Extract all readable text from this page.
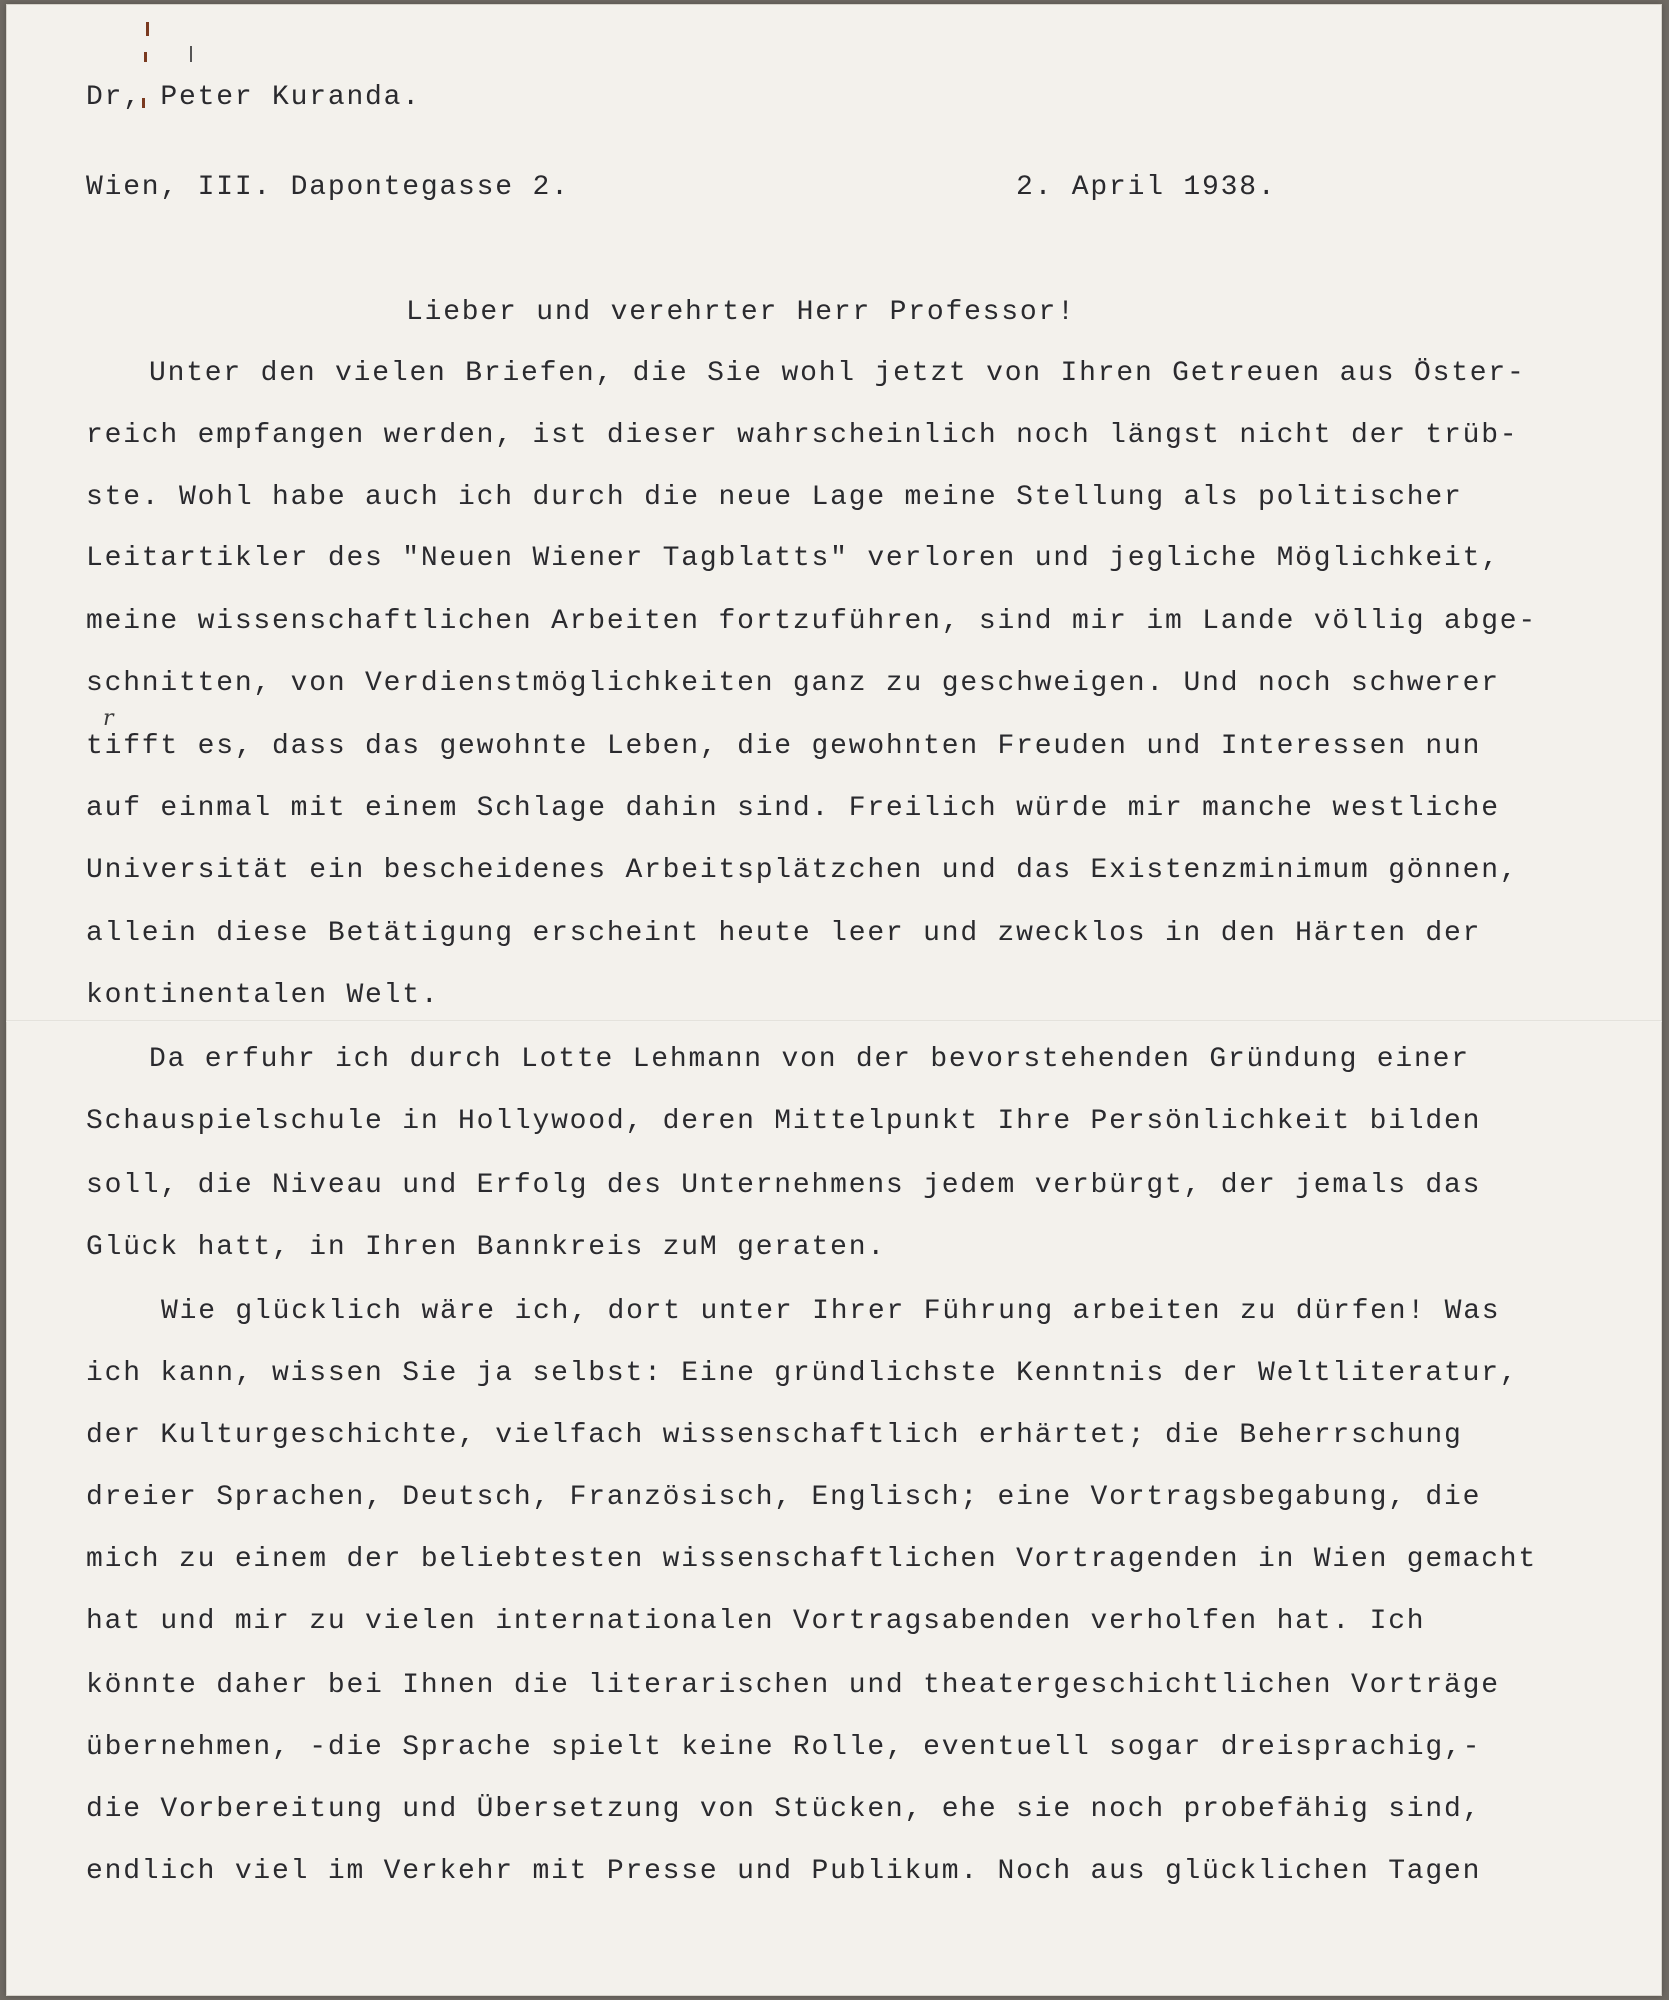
Dr, Peter Kuranda.
Wien, III. Dapontegasse 2.	2. April 1938.
Lieber und verehrter Herr Professor!
Unter den vielen Briefen, die Sie wohl jetzt von Ihren Getreuen aus Öster-
reich empfangen werden, ist dieser wahrscheinlich noch längst nicht der trüb-
ste. Wohl habe auch ich durch die neue Lage meine Stellung als politischer
Leitartikler des "Neuen Wiener Tagblatts" verloren und jegliche Möglichkeit,
meine wissenschaftlichen Arbeiten fortzuführen, sind mir im Lande völlig abge-
schnitten, von Verdienstmöglichkeiten ganz zu geschweigen. Und noch schwerer
tifft es, dass das gewohnte Leben, die gewohnten Freuden und Interessen nun
r
auf einmal mit einem Schlage dahin sind. Freilich würde mir manche westliche
Universität ein bescheidenes Arbeitsplätzchen und das Existenzminimum gönnen,
allein diese Betätigung erscheint heute leer und zwecklos in den Härten der
kontinentalen Welt.
Da erfuhr ich durch Lotte Lehmann von der bevorstehenden Gründung einer
Schauspielschule in Hollywood, deren Mittelpunkt Ihre Persönlichkeit bilden
soll, die Niveau und Erfolg des Unternehmens jedem verbürgt, der jemals das
Glück hatt, in Ihren Bannkreis zuM geraten.
Wie glücklich wäre ich, dort unter Ihrer Führung arbeiten zu dürfen! Was
ich kann, wissen Sie ja selbst: Eine gründlichste Kenntnis der Weltliteratur,
der Kulturgeschichte, vielfach wissenschaftlich erhärtet; die Beherrschung
dreier Sprachen, Deutsch, Französisch, Englisch; eine Vortragsbegabung, die
mich zu einem der beliebtesten wissenschaftlichen Vortragenden in Wien gemacht
hat und mir zu vielen internationalen Vortragsabenden verholfen hat. Ich
könnte daher bei Ihnen die literarischen und theatergeschichtlichen Vorträge
übernehmen, -die Sprache spielt keine Rolle, eventuell sogar dreisprachig,-
die Vorbereitung und Übersetzung von Stücken, ehe sie noch probefähig sind,
endlich viel im Verkehr mit Presse und Publikum. Noch aus glücklichen Tagen
